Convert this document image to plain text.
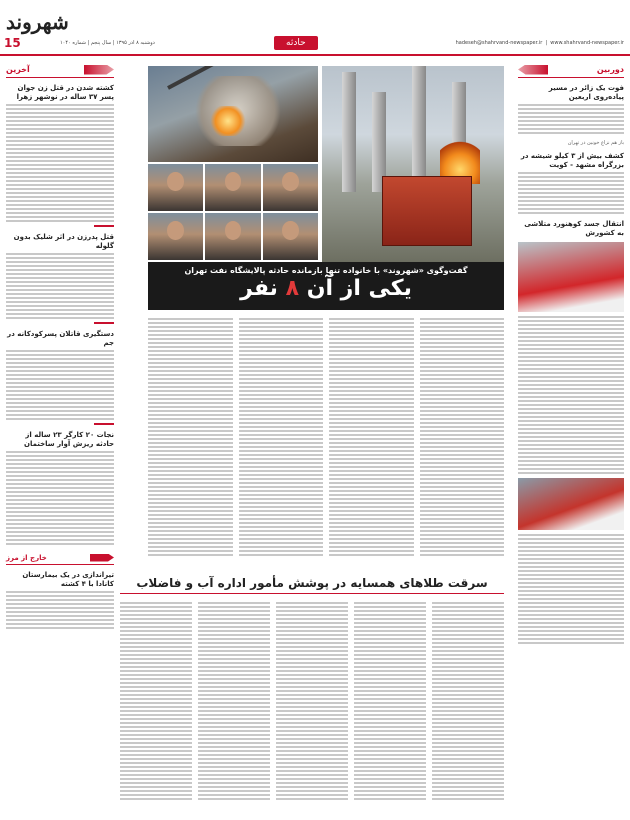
شهروند
15	دوشنبه ۸ آذر ۱۳۹۵ | سال پنجم | شماره ۱۰۴۰	حادثه	hadeseh@shahrvand-newspaper.ir  |  www.shahrvand-newspaper.ir
دوربین
فوت یک زائر در مسیر پیاده‌روی اربعین
باز هم نزاع خونین در تهران
کشف بیش از ۳ کیلو شیشه در بزرگراه مشهد - کویت
انتقال جسد کوهنورد متلاشی به کشورش
آخرین
کشته‌ شدن در قتل زن جوان پسر ۳۷ ساله در نوشهر زهرا
قتل پدرزن در اثر شلیک بدون گلوله
دستگیری قاتلان پسرکودکانه در جم
نجات ۲۰ کارگر ۲۳ ساله از حادثه ریزش آوار ساختمان
خارج از مرز
تیراندازی در یک بیمارستان کانادا با ۴ کشته
گفت‌وگوی «شهروند» با خانواده تنها بازمانده حادثه پالایشگاه نفت تهران
یکی از آن ۸ نفر
سرقت طلاهای همسایه در پوشش مأمور اداره آب و فاضلاب
